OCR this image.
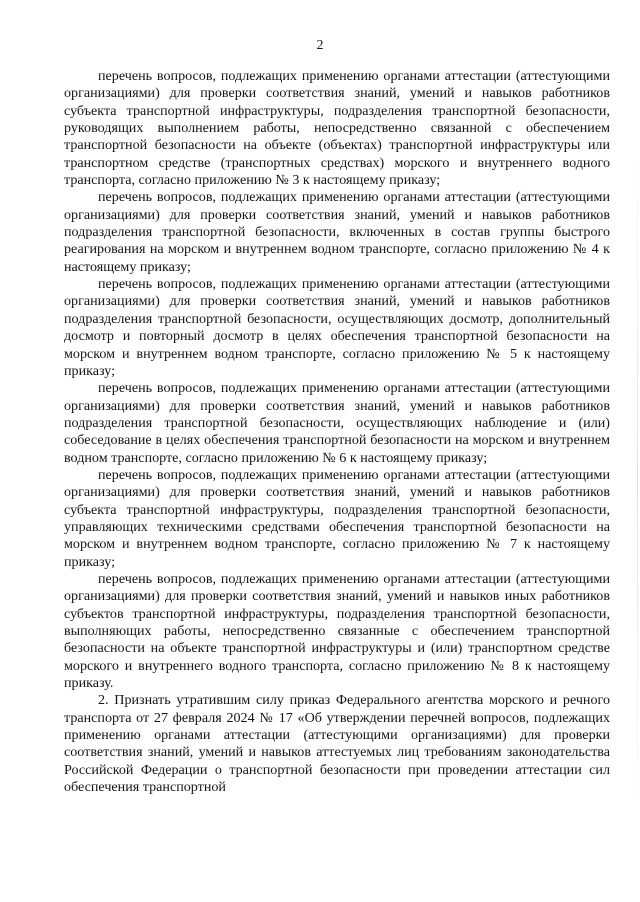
2

перечень вопросов, подлежащих применению органами аттестации (аттестующими организациями) для проверки соответствия знаний, умений и навыков работников субъекта транспортной инфраструктуры, подразделения транспортной безопасности, руководящих выполнением работы, непосредственно связанной с обеспечением транспортной безопасности на объекте (объектах) транспортной инфраструктуры или транспортном средстве (транспортных средствах) морского и внутреннего водного транспорта, согласно приложению № 3 к настоящему приказу;

перечень вопросов, подлежащих применению органами аттестации (аттестующими организациями) для проверки соответствия знаний, умений и навыков работников подразделения транспортной безопасности, включенных в состав группы быстрого реагирования на морском и внутреннем водном транспорте, согласно приложению № 4 к настоящему приказу;

перечень вопросов, подлежащих применению органами аттестации (аттестующими организациями) для проверки соответствия знаний, умений и навыков работников подразделения транспортной безопасности, осуществляющих досмотр, дополнительный досмотр и повторный досмотр в целях обеспечения транспортной безопасности на морском и внутреннем водном транспорте, согласно приложению № 5 к настоящему приказу;

перечень вопросов, подлежащих применению органами аттестации (аттестующими организациями) для проверки соответствия знаний, умений и навыков работников подразделения транспортной безопасности, осуществляющих наблюдение и (или) собеседование в целях обеспечения транспортной безопасности на морском и внутреннем водном транспорте, согласно приложению № 6 к настоящему приказу;

перечень вопросов, подлежащих применению органами аттестации (аттестующими организациями) для проверки соответствия знаний, умений и навыков работников субъекта транспортной инфраструктуры, подразделения транспортной безопасности, управляющих техническими средствами обеспечения транспортной безопасности на морском и внутреннем водном транспорте, согласно приложению № 7 к настоящему приказу;

перечень вопросов, подлежащих применению органами аттестации (аттестующими организациями) для проверки соответствия знаний, умений и навыков иных работников субъектов транспортной инфраструктуры, подразделения транспортной безопасности, выполняющих работы, непосредственно связанные с обеспечением транспортной безопасности на объекте транспортной инфраструктуры и (или) транспортном средстве морского и внутреннего водного транспорта, согласно приложению № 8 к настоящему приказу.

2. Признать утратившим силу приказ Федерального агентства морского и речного транспорта от 27 февраля 2024 № 17 «Об утверждении перечней вопросов, подлежащих применению органами аттестации (аттестующими организациями) для проверки соответствия знаний, умений и навыков аттестуемых лиц требованиям законодательства Российской Федерации о транспортной безопасности при проведении аттестации сил обеспечения транспортной
